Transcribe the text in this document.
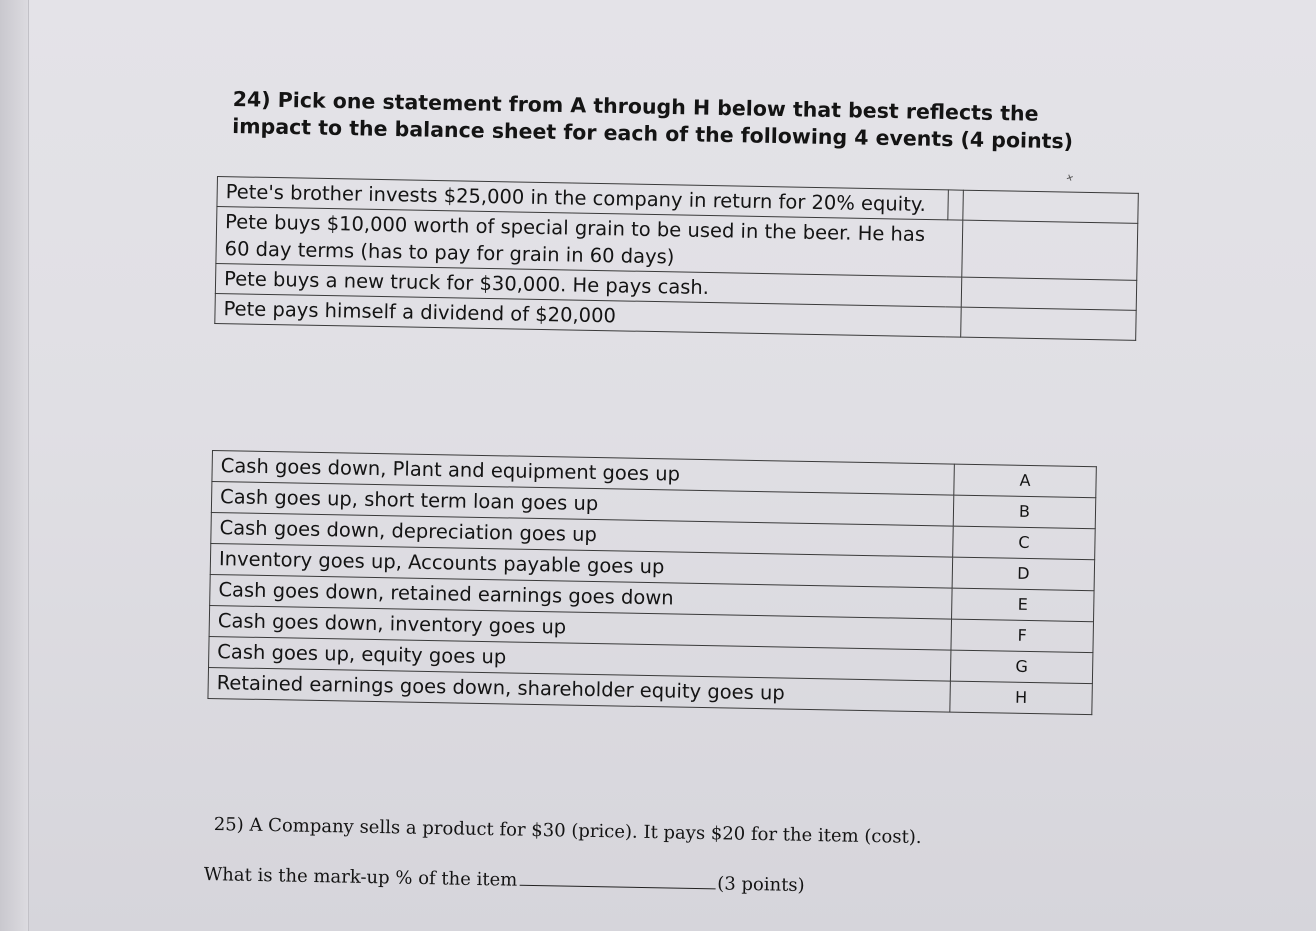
24) Pick one statement from A through H below that best reflects the impact to the balance sheet for each of the following 4 events (4 points)

+
Pete's brother invests $25,000 in the company in return for 20% equity.		
Pete buys $10,000 worth of special grain to be used in the beer. He has 60 day terms (has to pay for grain in 60 days)		
Pete buys a new truck for $30,000. He pays cash.		
Pete pays himself a dividend of $20,000		
Cash goes down, Plant and equipment goes up	A
Cash goes up, short term loan goes up	B
Cash goes down, depreciation goes up	C
Inventory goes up, Accounts payable goes up	D
Cash goes down, retained earnings goes down	E
Cash goes down, inventory goes up	F
Cash goes up, equity goes up	G
Retained earnings goes down, shareholder equity goes up	H

25) A Company sells a product for $30 (price). It pays $20 for the item (cost).

What is the mark-up % of the item	(3 points)
